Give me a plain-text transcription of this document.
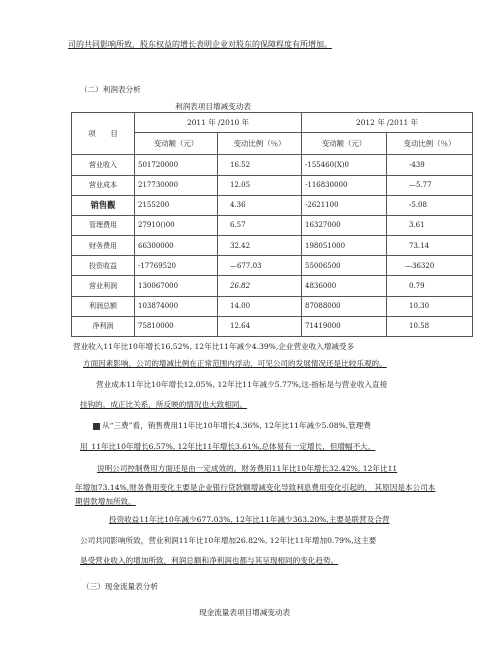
司的共同影响所致，股东权益的增长表明企业对股东的保障程度有所增加。
（二）利润表分析
利润表项目增减变动表
项　　目	2011 年 /2010 年		2012 年 /2011 年	
	变动额（元）	变动比例（％）	变动额（元）	变动比例（％）
营业收入	501720000	16.52	-155460(X)0	-439
营业成本	217730000	12.05	-116830000	—5.77
销售觀	2155200	4.36	-2621100	-5.08
管理费用	27910()00	6.57	16327000	3.61
财务费用	66300000	32.42	198051000	73.14
投资收益	-17769520	—677.03	55006500	—36320
营业利润	130067000	26.82	4836000	0.79
利润总额	103874000	14.00	87088000	10.30
净利润	75810000	12.64	71419000	10.58
营业收入11年比10年增长16.52%, 12年比11年减少4.39%,企业营业收入增减受多
方面因素影响，公司的增减比例在正常范围内浮动，可见公司的发展情况还是比较乐观的。
营业成本11年比10年增长12.05%, 12年比11年减少5.77%,这·指标是与营业收入直接
挂钩的，成正比关系，所反映的情况也大致相同。
从“三费”看，销售费用11年比10年增长4.36%, 12年比11年减少5.08%,管理费
用_11年比10年增长6.57%, 12年比11年增长3.61%,总体易有一定增长，但增幅不大，
说明公司控制费用方面还是由一定成效的。财务费用11年比10年增长32.42%, 12年比11
年增加73.14%,财务费用变化主要是企业银行贷款额增减变化导致利息费用变化引起的， 其原因是本公司本
期借款增加所致。
投资收益11年比10年减少677.03%, 12年比11年减少363.20%,主要是联营及合营
公司共同影响所致，营业利润11年比10年增加26.82%, 12年比11年增加0.79%,这主要
是受营业收入的增加所致，利润总额和净利润也都与其呈现相同的变化趋势。
（三）现金流量表分析
现金流量表项目增减变动表
